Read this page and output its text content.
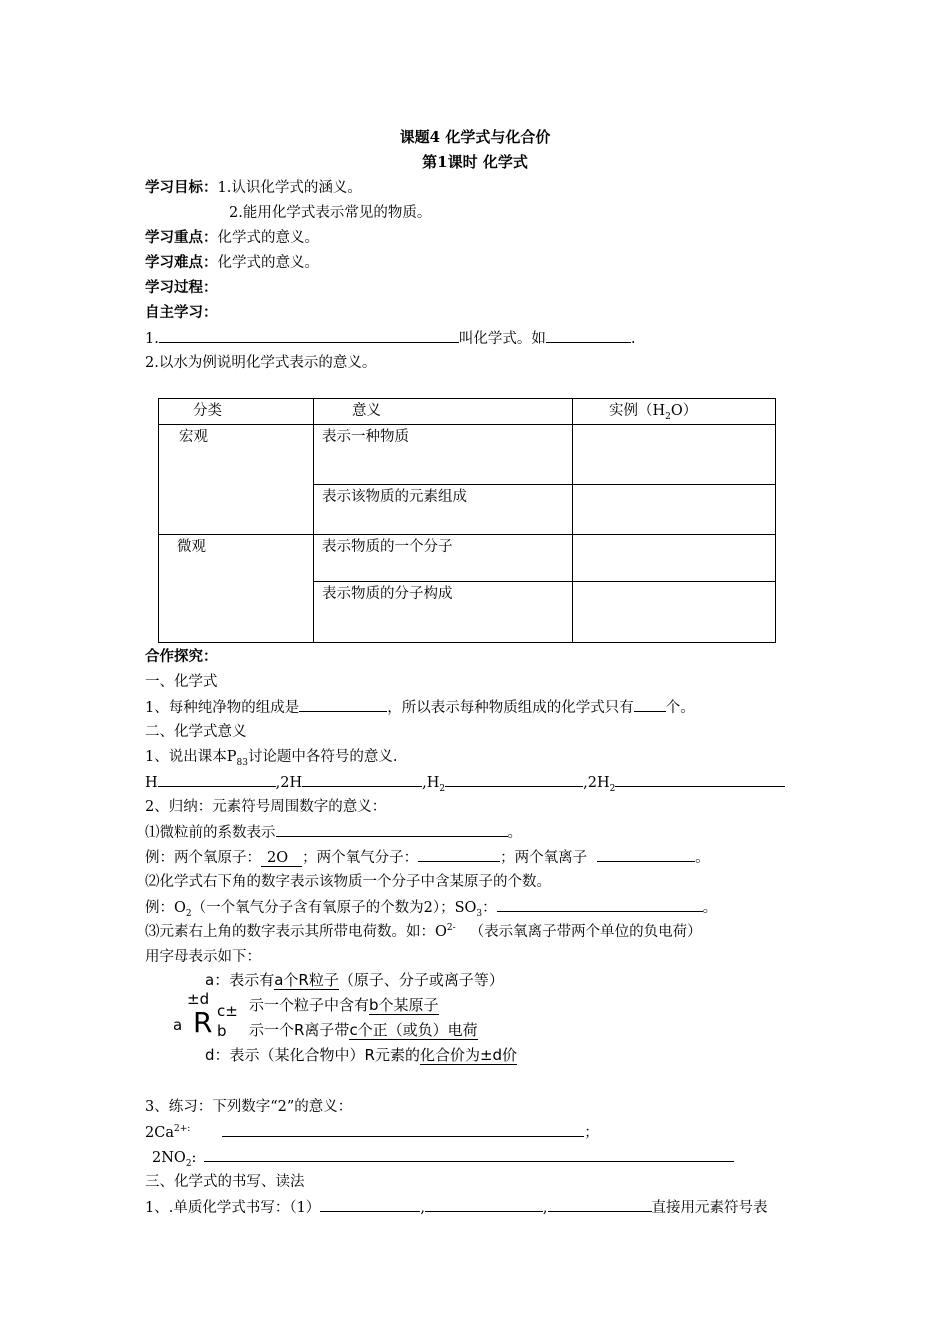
课题4 化学式与化合价
第1课时 化学式
学习目标：1.认识化学式的涵义。
2.能用化学式表示常见的物质。
学习重点：化学式的意义。
学习难点：化学式的意义。
学习过程：
自主学习：
1.	叫化学式。如	.
2.以水为例说明化学式表示的意义。
分类	意义	实例$(H_2O)$
宏观	表示一种物质	
	表示该物质的元素组成	
微观	表示物质的一个分子	
	表示物质的分子构成	
合作探究：
一、化学式
1、每种纯净物的组成是	，所以表示每种物质组成的化学式只有 个。
二、化学式意义
1、说出课本$P_{83}$讨论题中各符号的意义.
H	,2H	$,H_2$	$,2H_2$
2、归纳：元素符号周围数字的意义：
⑴微粒前的系数表示	。
例：两个氧原子： 2O ；两个氧气分子：	；两个氧离子	。
⑵化学式右下角的数字表示该物质一个分子中含某原子的个数。
例：$O_2$（一个氧气分子含有氧原子的个数为2）；$SO_3$：	。
⑶元素右上角的数字表示其所带电荷数。如：$O^{2-}$ （表示氧离子带两个单位的负电荷）
用字母表示如下：
a：表示有a个R粒子（原子、分子或离子等）
±d
c± 示一个粒子中含有b个某原子
a R b 示一个R离子带c个正（或负）电荷
d：表示（某化合物中）R元素的化合价为±d价
3、练习：下列数字“2”的意义：
$2Ca^{2+:}$	；
$2NO_2$:
三、化学式的书写、读法
1、.单质化学式书写：（1）	,	,	直接用元素符号表
